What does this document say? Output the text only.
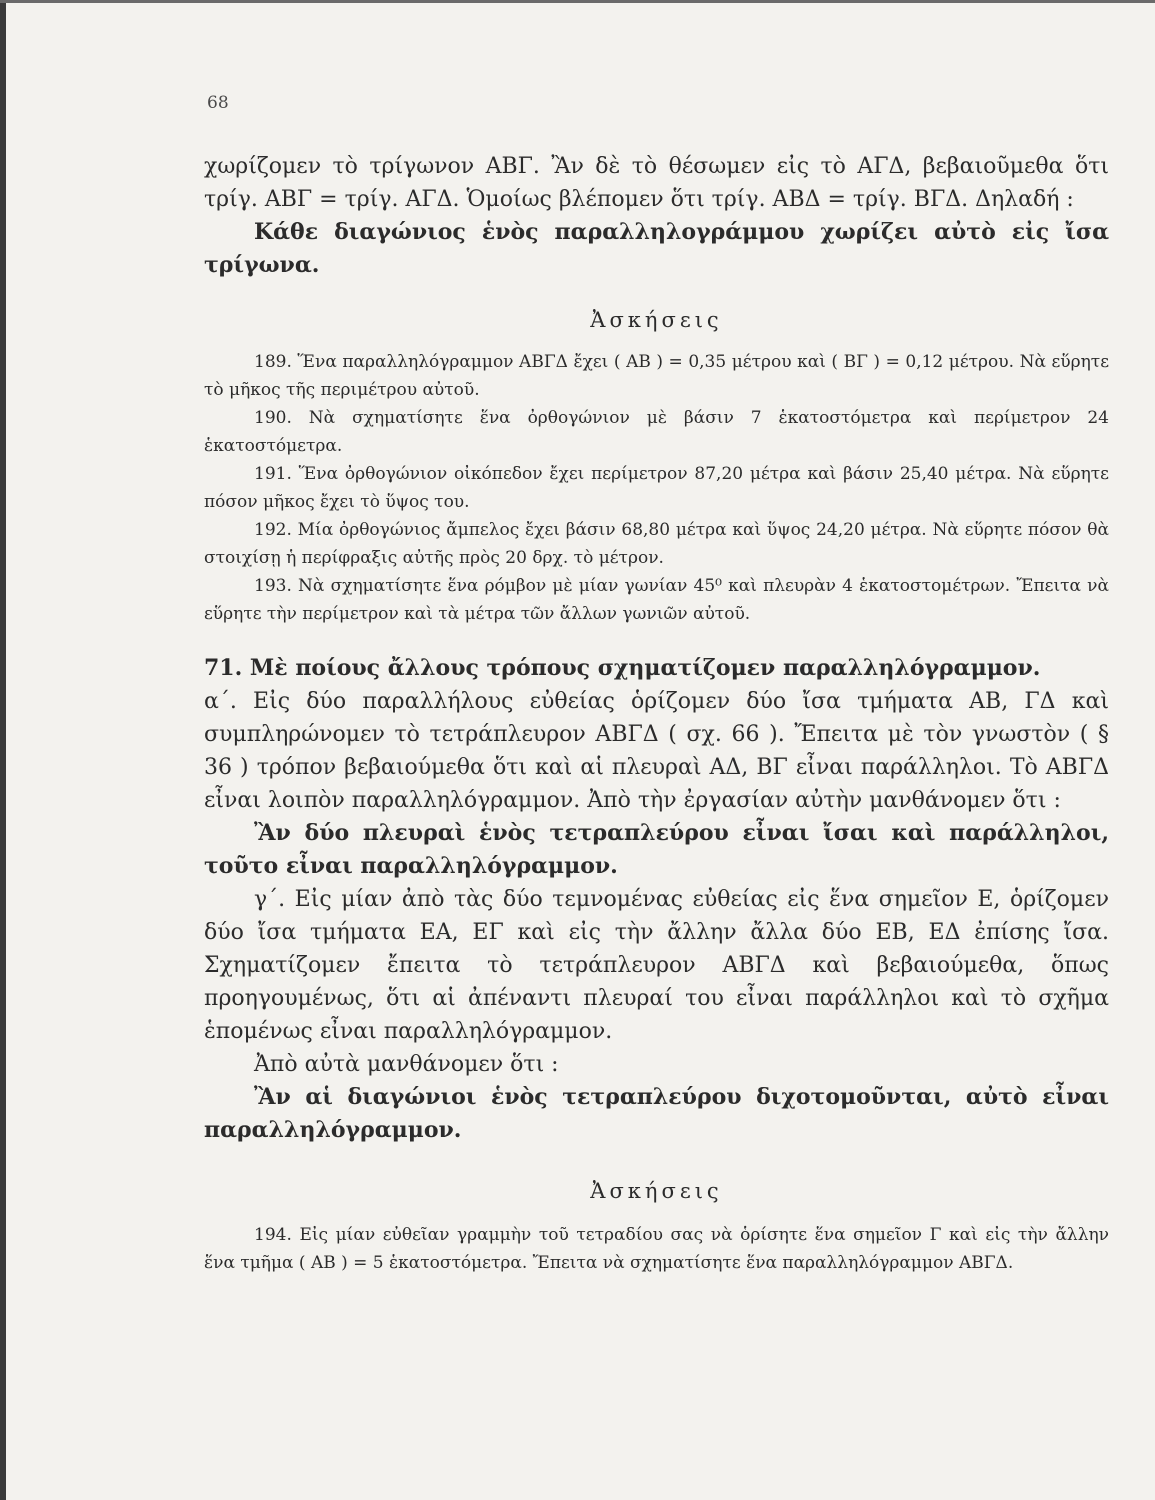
68

χωρίζομεν τὸ τρίγωνον ΑΒΓ. Ἂν δὲ τὸ θέσωμεν εἰς τὸ ΑΓΔ, βεβαιοῦμεθα ὅτι τρίγ. ΑΒΓ = τρίγ. ΑΓΔ. Ὁμοίως βλέπομεν ὅτι τρίγ. ΑΒΔ = τρίγ. ΒΓΔ. Δηλαδή :

Κάθε διαγώνιος ἑνὸς παραλληλογράμμου χωρίζει αὐτὸ εἰς ἴσα τρίγωνα.

Ἀσκήσεις

189. Ἕνα παραλληλόγραμμον ΑΒΓΔ ἔχει ( ΑΒ ) = 0,35 μέτρου καὶ ( ΒΓ ) = 0,12 μέτρου. Νὰ εὕρητε τὸ μῆκος τῆς περιμέτρου αὐτοῦ.

190. Νὰ σχηματίσητε ἕνα ὀρθογώνιον μὲ βάσιν 7 ἑκατοστόμετρα καὶ περίμετρον 24 ἑκατοστόμετρα.

191. Ἕνα ὀρθογώνιον οἰκόπεδον ἔχει περίμετρον 87,20 μέτρα καὶ βάσιν 25,40 μέτρα. Νὰ εὕρητε πόσον μῆκος ἔχει τὸ ὕψος του.

192. Μία ὀρθογώνιος ἄμπελος ἔχει βάσιν 68,80 μέτρα καὶ ὕψος 24,20 μέτρα. Νὰ εὕρητε πόσον θὰ στοιχίσῃ ἡ περίφραξις αὐτῆς πρὸς 20 δρχ. τὸ μέτρον.

193. Νὰ σχηματίσητε ἕνα ρόμβον μὲ μίαν γωνίαν 45⁰ καὶ πλευρὰν 4 ἑκατοστομέτρων. Ἔπειτα νὰ εὕρητε τὴν περίμετρον καὶ τὰ μέτρα τῶν ἄλλων γωνιῶν αὐτοῦ.

71. Μὲ ποίους ἄλλους τρόπους σχηματίζομεν παραλληλόγραμμον.

α΄. Εἰς δύο παραλλήλους εὐθείας ὁρίζομεν δύο ἴσα τμήματα ΑΒ, ΓΔ καὶ συμπληρώνομεν τὸ τετράπλευρον ΑΒΓΔ ( σχ. 66 ). Ἔπειτα μὲ τὸν γνωστὸν ( § 36 ) τρόπον βεβαιούμεθα ὅτι καὶ αἱ πλευραὶ ΑΔ, ΒΓ εἶναι παράλληλοι. Τὸ ΑΒΓΔ εἶναι λοιπὸν παραλληλόγραμμον. Ἀπὸ τὴν ἐργασίαν αὐτὴν μανθάνομεν ὅτι :

Ἂν δύο πλευραὶ ἑνὸς τετραπλεύρου εἶναι ἴσαι καὶ παράλληλοι, τοῦτο εἶναι παραλληλόγραμμον.

γ΄. Εἰς μίαν ἀπὸ τὰς δύο τεμνομένας εὐθείας εἰς ἕνα σημεῖον Ε, ὁρίζομεν δύο ἴσα τμήματα ΕΑ, ΕΓ καὶ εἰς τὴν ἄλλην ἄλλα δύο ΕΒ, ΕΔ ἐπίσης ἴσα. Σχηματίζομεν ἔπειτα τὸ τετράπλευρον ΑΒΓΔ καὶ βεβαιούμεθα, ὅπως προηγουμένως, ὅτι αἱ ἀπέναντι πλευραί του εἶναι παράλληλοι καὶ τὸ σχῆμα ἑπομένως εἶναι παραλληλόγραμμον.

Ἀπὸ αὐτὰ μανθάνομεν ὅτι :

Ἂν αἱ διαγώνιοι ἑνὸς τετραπλεύρου διχοτομοῦνται, αὐτὸ εἶναι παραλληλόγραμμον.

Ἀσκήσεις

194. Εἰς μίαν εὐθεῖαν γραμμὴν τοῦ τετραδίου σας νὰ ὁρίσητε ἕνα σημεῖον Γ καὶ εἰς τὴν ἄλλην ἕνα τμῆμα ( ΑΒ ) = 5 ἑκατοστόμετρα. Ἔπειτα νὰ σχηματίσητε ἕνα παραλληλόγραμμον ΑΒΓΔ.
